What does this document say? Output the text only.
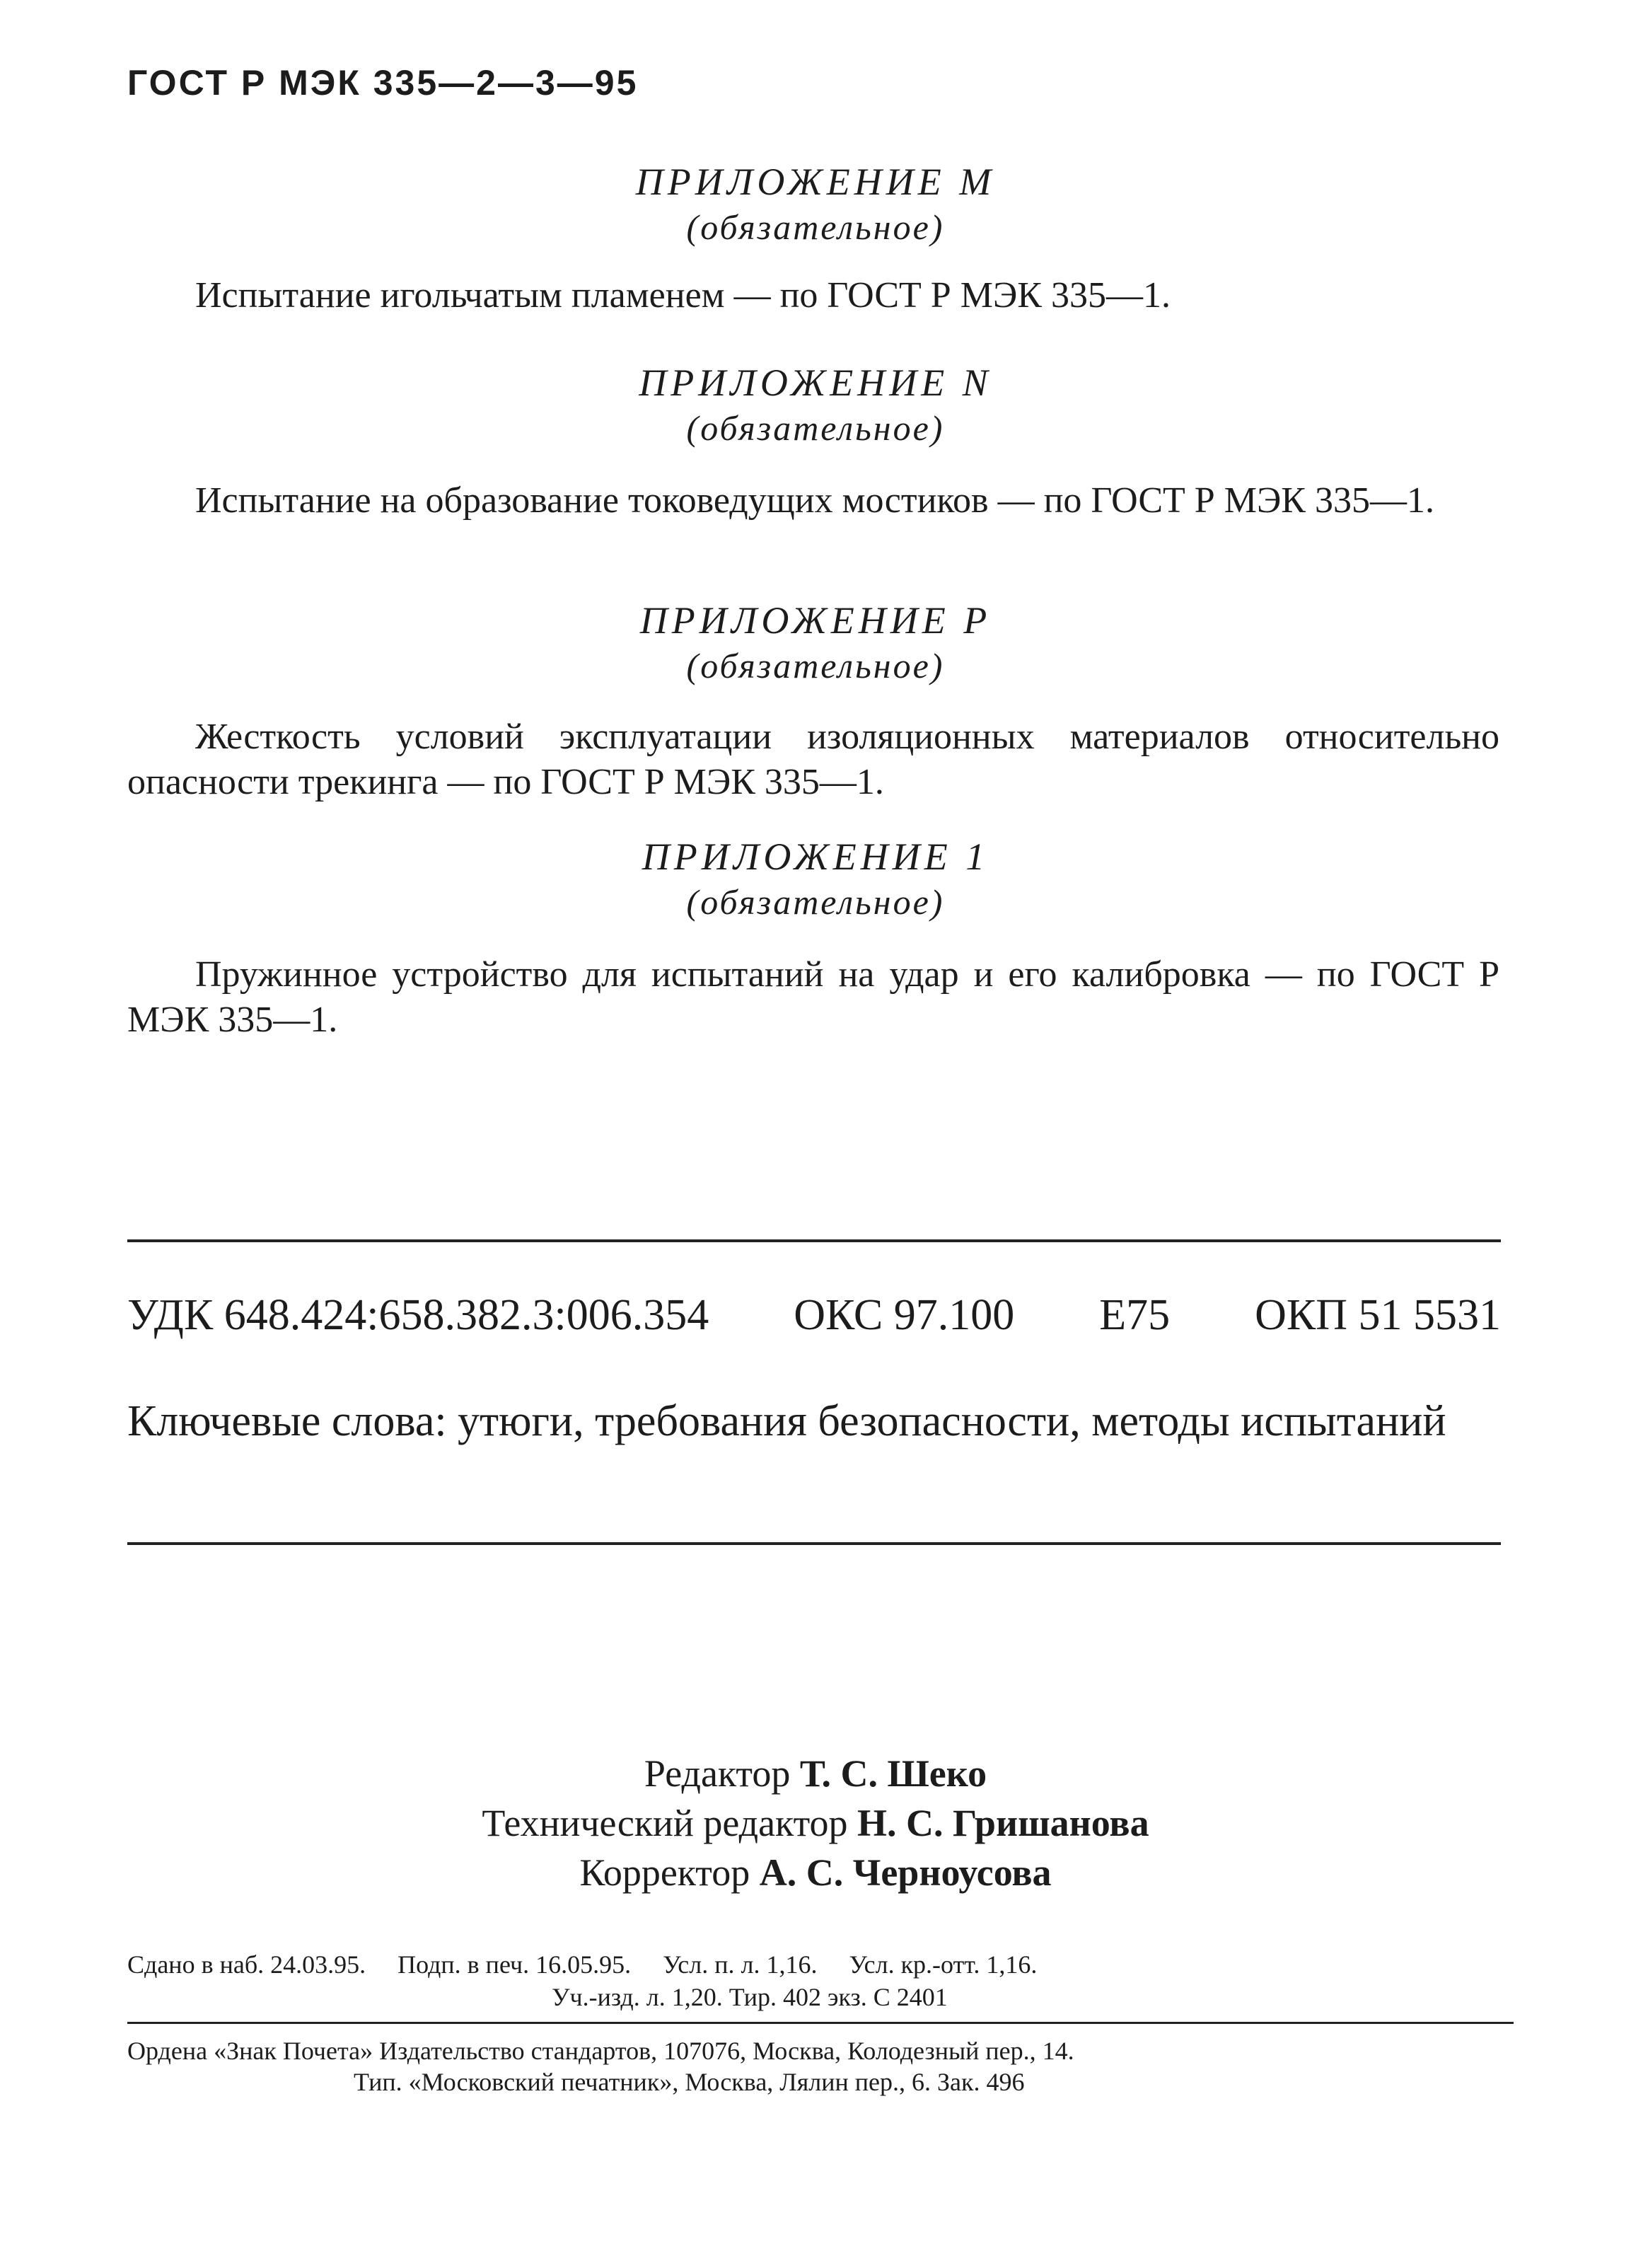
ГОСТ Р МЭК 335—2—3—95
ПРИЛОЖЕНИЕ М
(обязательное)
Испытание игольчатым пламенем — по ГОСТ Р МЭК 335—1.
ПРИЛОЖЕНИЕ N
(обязательное)
Испытание на образование токоведущих мостиков — по ГОСТ Р МЭК 335—1.
ПРИЛОЖЕНИЕ Р
(обязательное)
Жесткость условий эксплуатации изоляционных материалов относительно опасности трекинга — по ГОСТ Р МЭК 335—1.
ПРИЛОЖЕНИЕ 1
(обязательное)
Пружинное устройство для испытаний на удар и его калибровка — по ГОСТ Р МЭК 335—1.
УДК 648.424:658.382.3:006.354 ОКС 97.100 Е75 ОКП 51 5531
Ключевые слова: утюги, требования безопасности, методы испытаний
Редактор Т. С. Шеко
Технический редактор Н. С. Гришанова
Корректор А. С. Черноусова
Сдано в наб. 24.03.95.     Подп. в печ. 16.05.95.     Усл. п. л. 1,16.     Усл. кр.-отт. 1,16.
Уч.-изд. л. 1,20. Тир. 402 экз. С 2401
Ордена «Знак Почета» Издательство стандартов, 107076, Москва, Колодезный пер., 14.
Тип. «Московский печатник», Москва, Лялин пер., 6. Зак. 496
